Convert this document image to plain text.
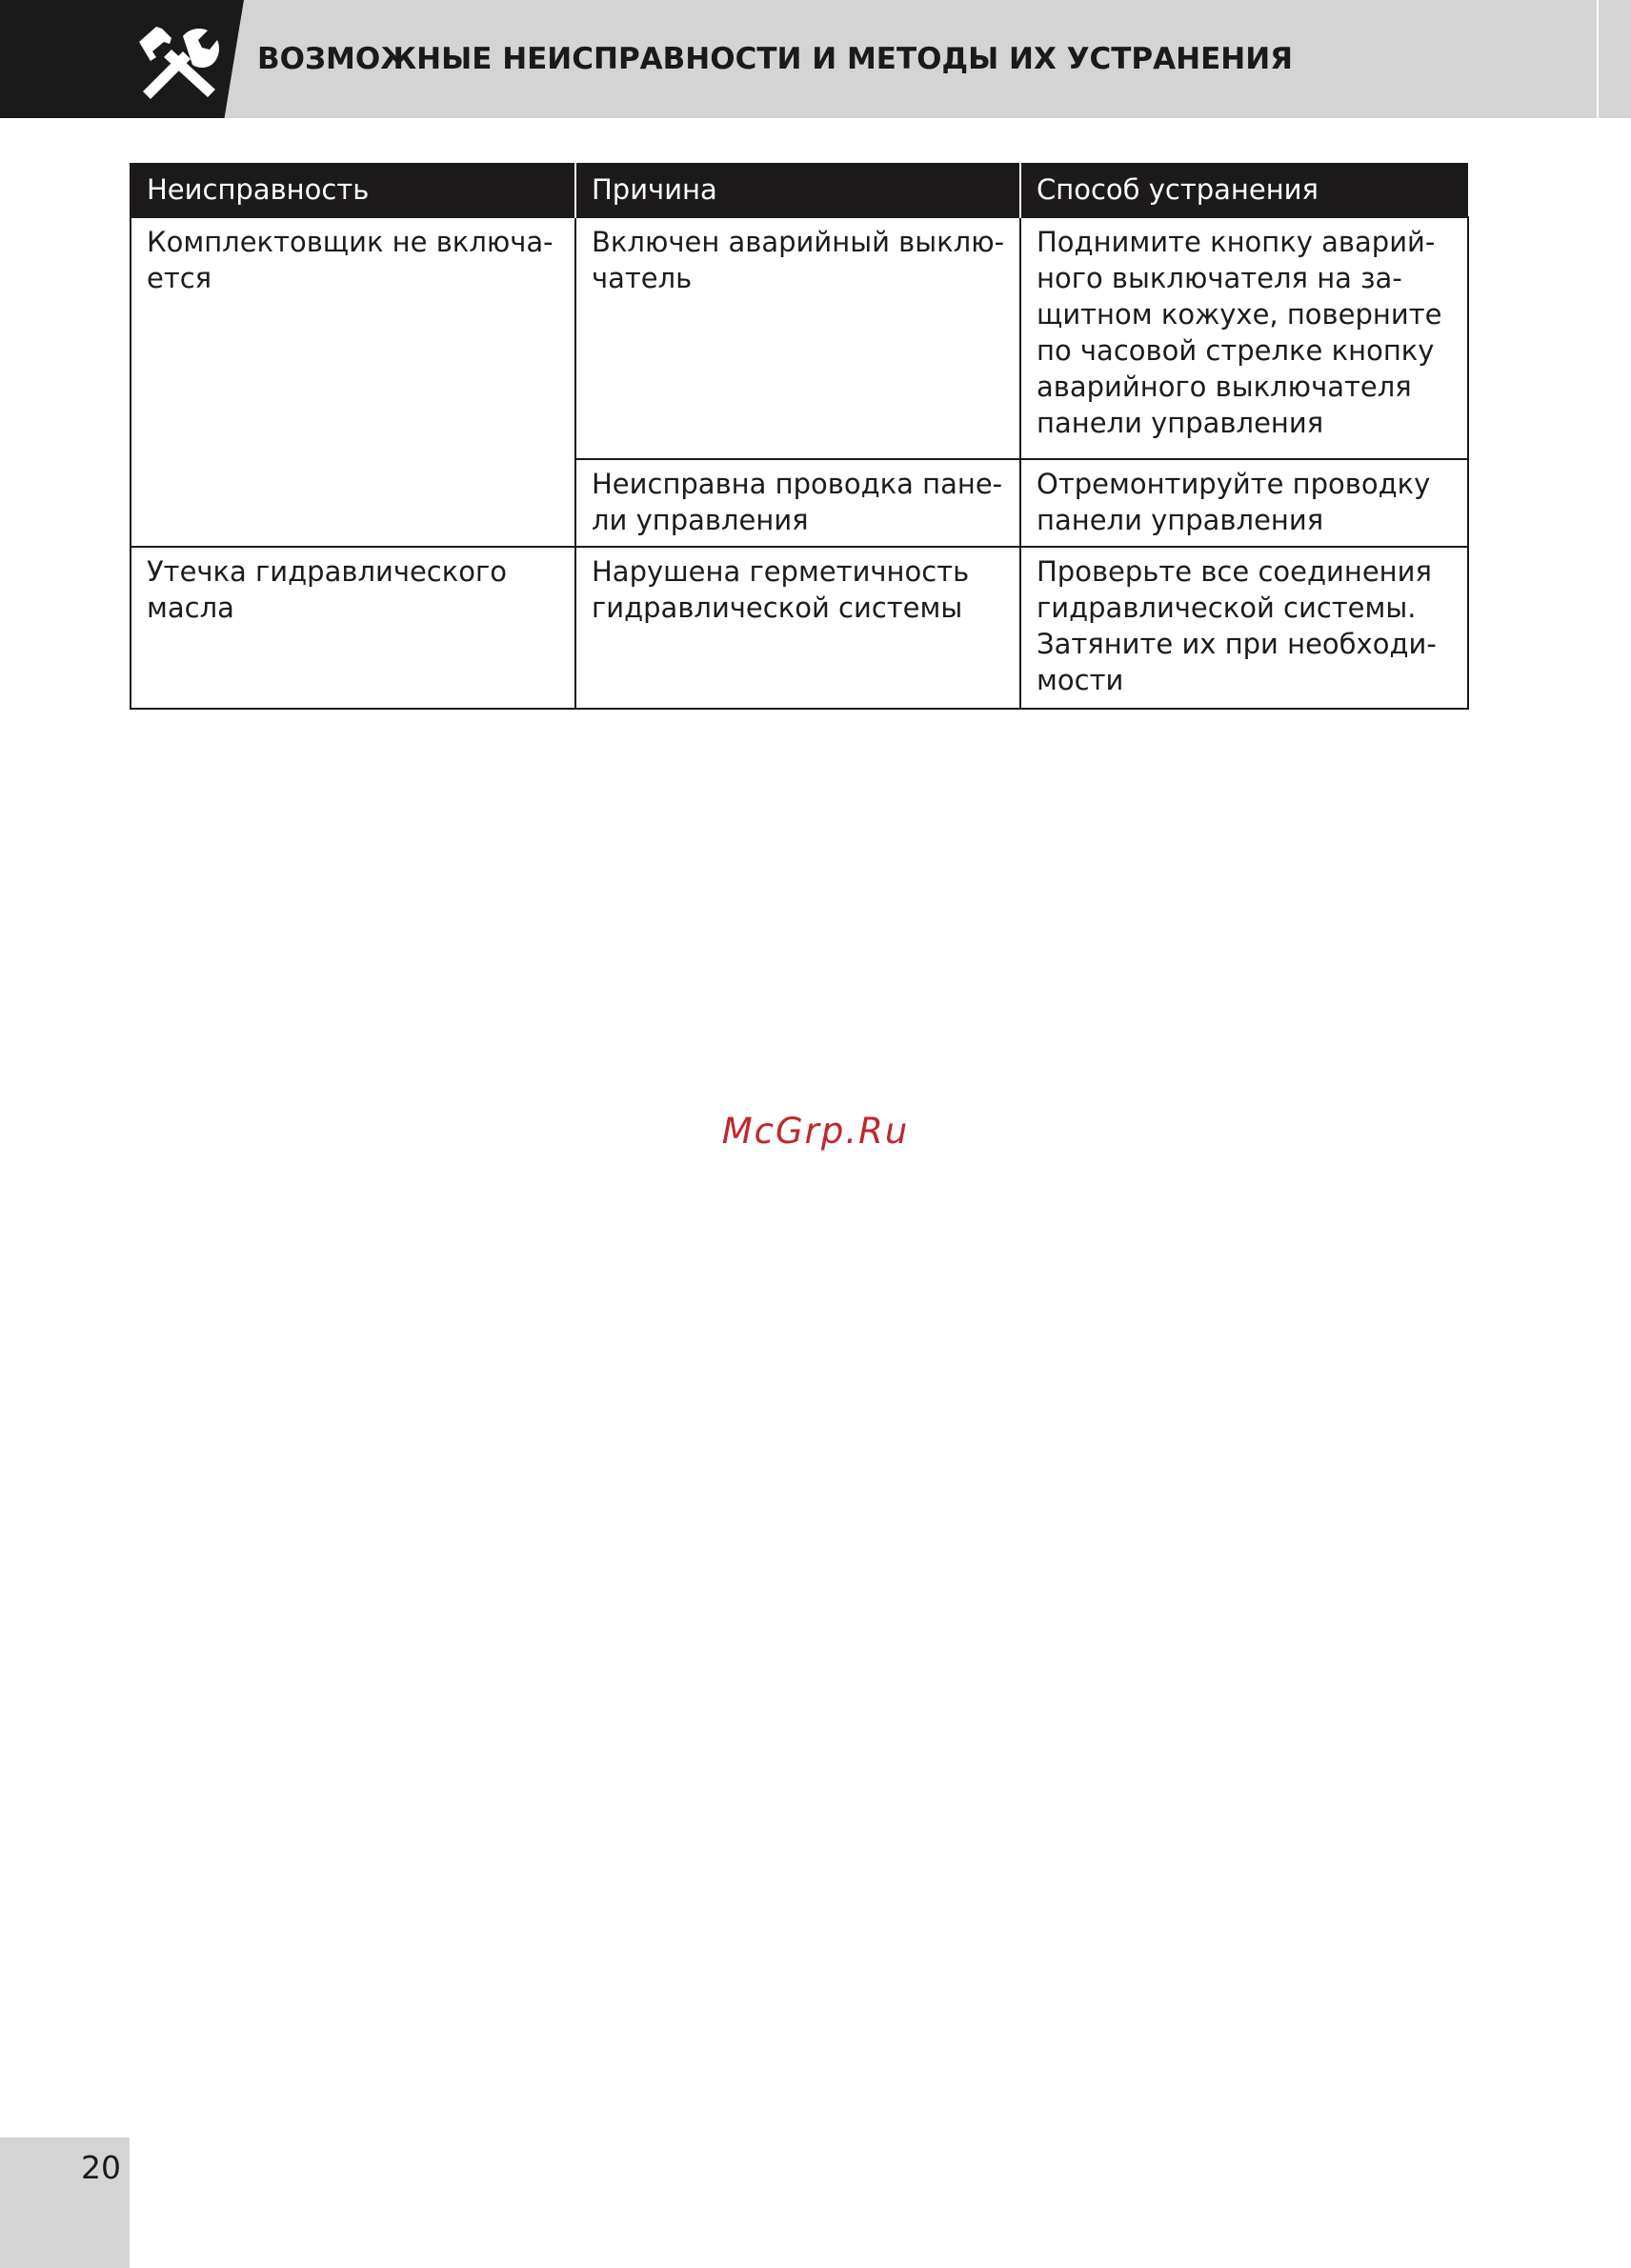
ВОЗМОЖНЫЕ НЕИСПРАВНОСТИ И МЕТОДЫ ИХ УСТРАНЕНИЯ
Неисправность	Причина	Способ устранения
Комплектовщик не включа-ется	Включен аварийный выклю-чатель	Поднимите кнопку аварий-ного выключателя на за-щитном кожухе, поверните по часовой стрелке кнопку аварийного выключателя панели управления
	Неисправна проводка пане-ли управления	Отремонтируйте проводку панели управления
Утечка гидравлического масла	Нарушена герметичность гидравлической системы	Проверьте все соединения гидравлической системы. Затяните их при необходи-мости
McGrp.Ru
20
